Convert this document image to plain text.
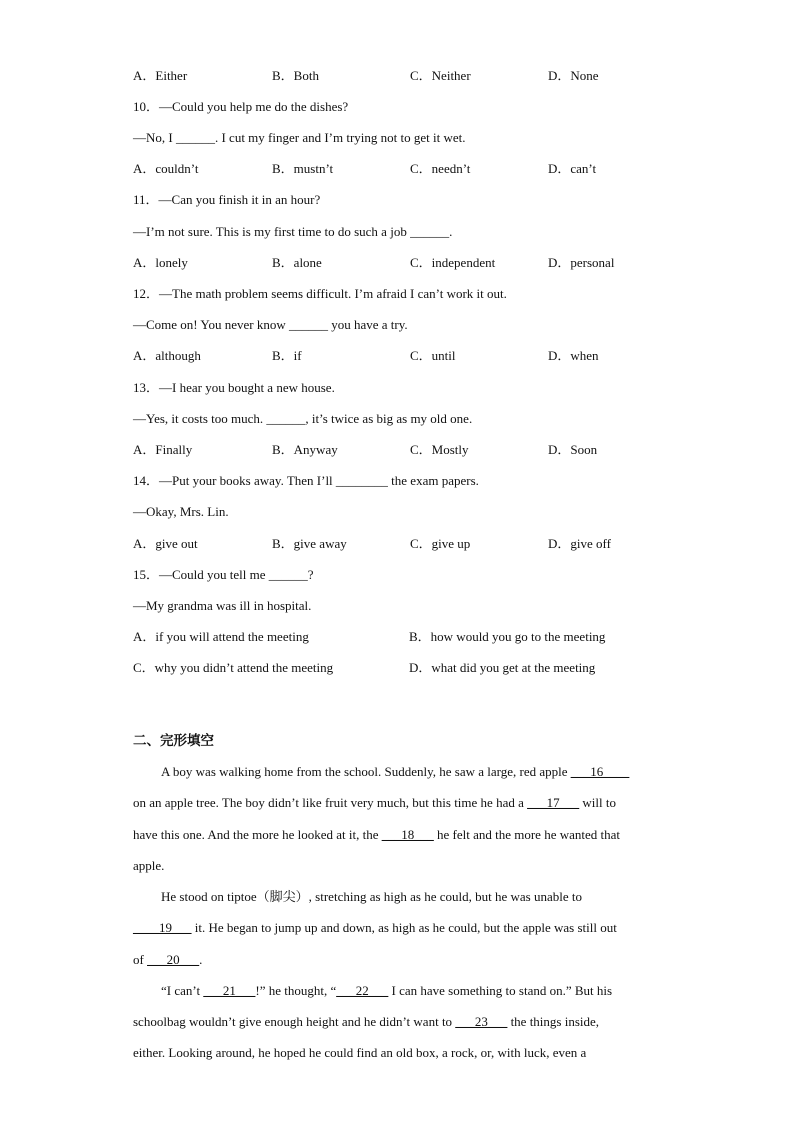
A．Either	B．Both	C．Neither	D．None
10．—Could you help me do the dishes?
—No, I ______. I cut my finger and I’m trying not to get it wet.
A．couldn’t	B．mustn’t	C．needn’t	D．can’t
11．—Can you finish it in an hour?
—I’m not sure. This is my first time to do such a job ______.
A．lonely	B．alone	C．independent	D．personal
12．—The math problem seems difficult. I’m afraid I can’t work it out.
—Come on! You never know ______ you have a try.
A．although	B．if	C．until	D．when
13．—I hear you bought a new house.
—Yes, it costs too much. ______, it’s twice as big as my old one.
A．Finally	B．Anyway	C．Mostly	D．Soon
14．—Put your books away. Then I’ll ________ the exam papers.
—Okay, Mrs. Lin.
A．give out	B．give away	C．give up	D．give off
15．—Could you tell me ______?
—My grandma was ill in hospital.
A．if you will attend the meeting	B．how would you go to the meeting
C．why you didn’t attend the meeting	D．what did you get at the meeting
二、完形填空
A boy was walking home from the school. Suddenly, he saw a large, red apple ___16____
on an apple tree. The boy didn’t like fruit very much, but this time he had a ___17___ will to
have this one. And the more he looked at it, the ___18___ he felt and the more he wanted that
apple.
He stood on tiptoe（脚尖）, stretching as high as he could, but he was unable to
____19___ it. He began to jump up and down, as high as he could, but the apple was still out
of ___20___.
“I can’t ___21___!” he thought, “___22___ I can have something to stand on.” But his
schoolbag wouldn’t give enough height and he didn’t want to ___23___ the things inside,
either. Looking around, he hoped he could find an old box, a rock, or, with luck, even a
